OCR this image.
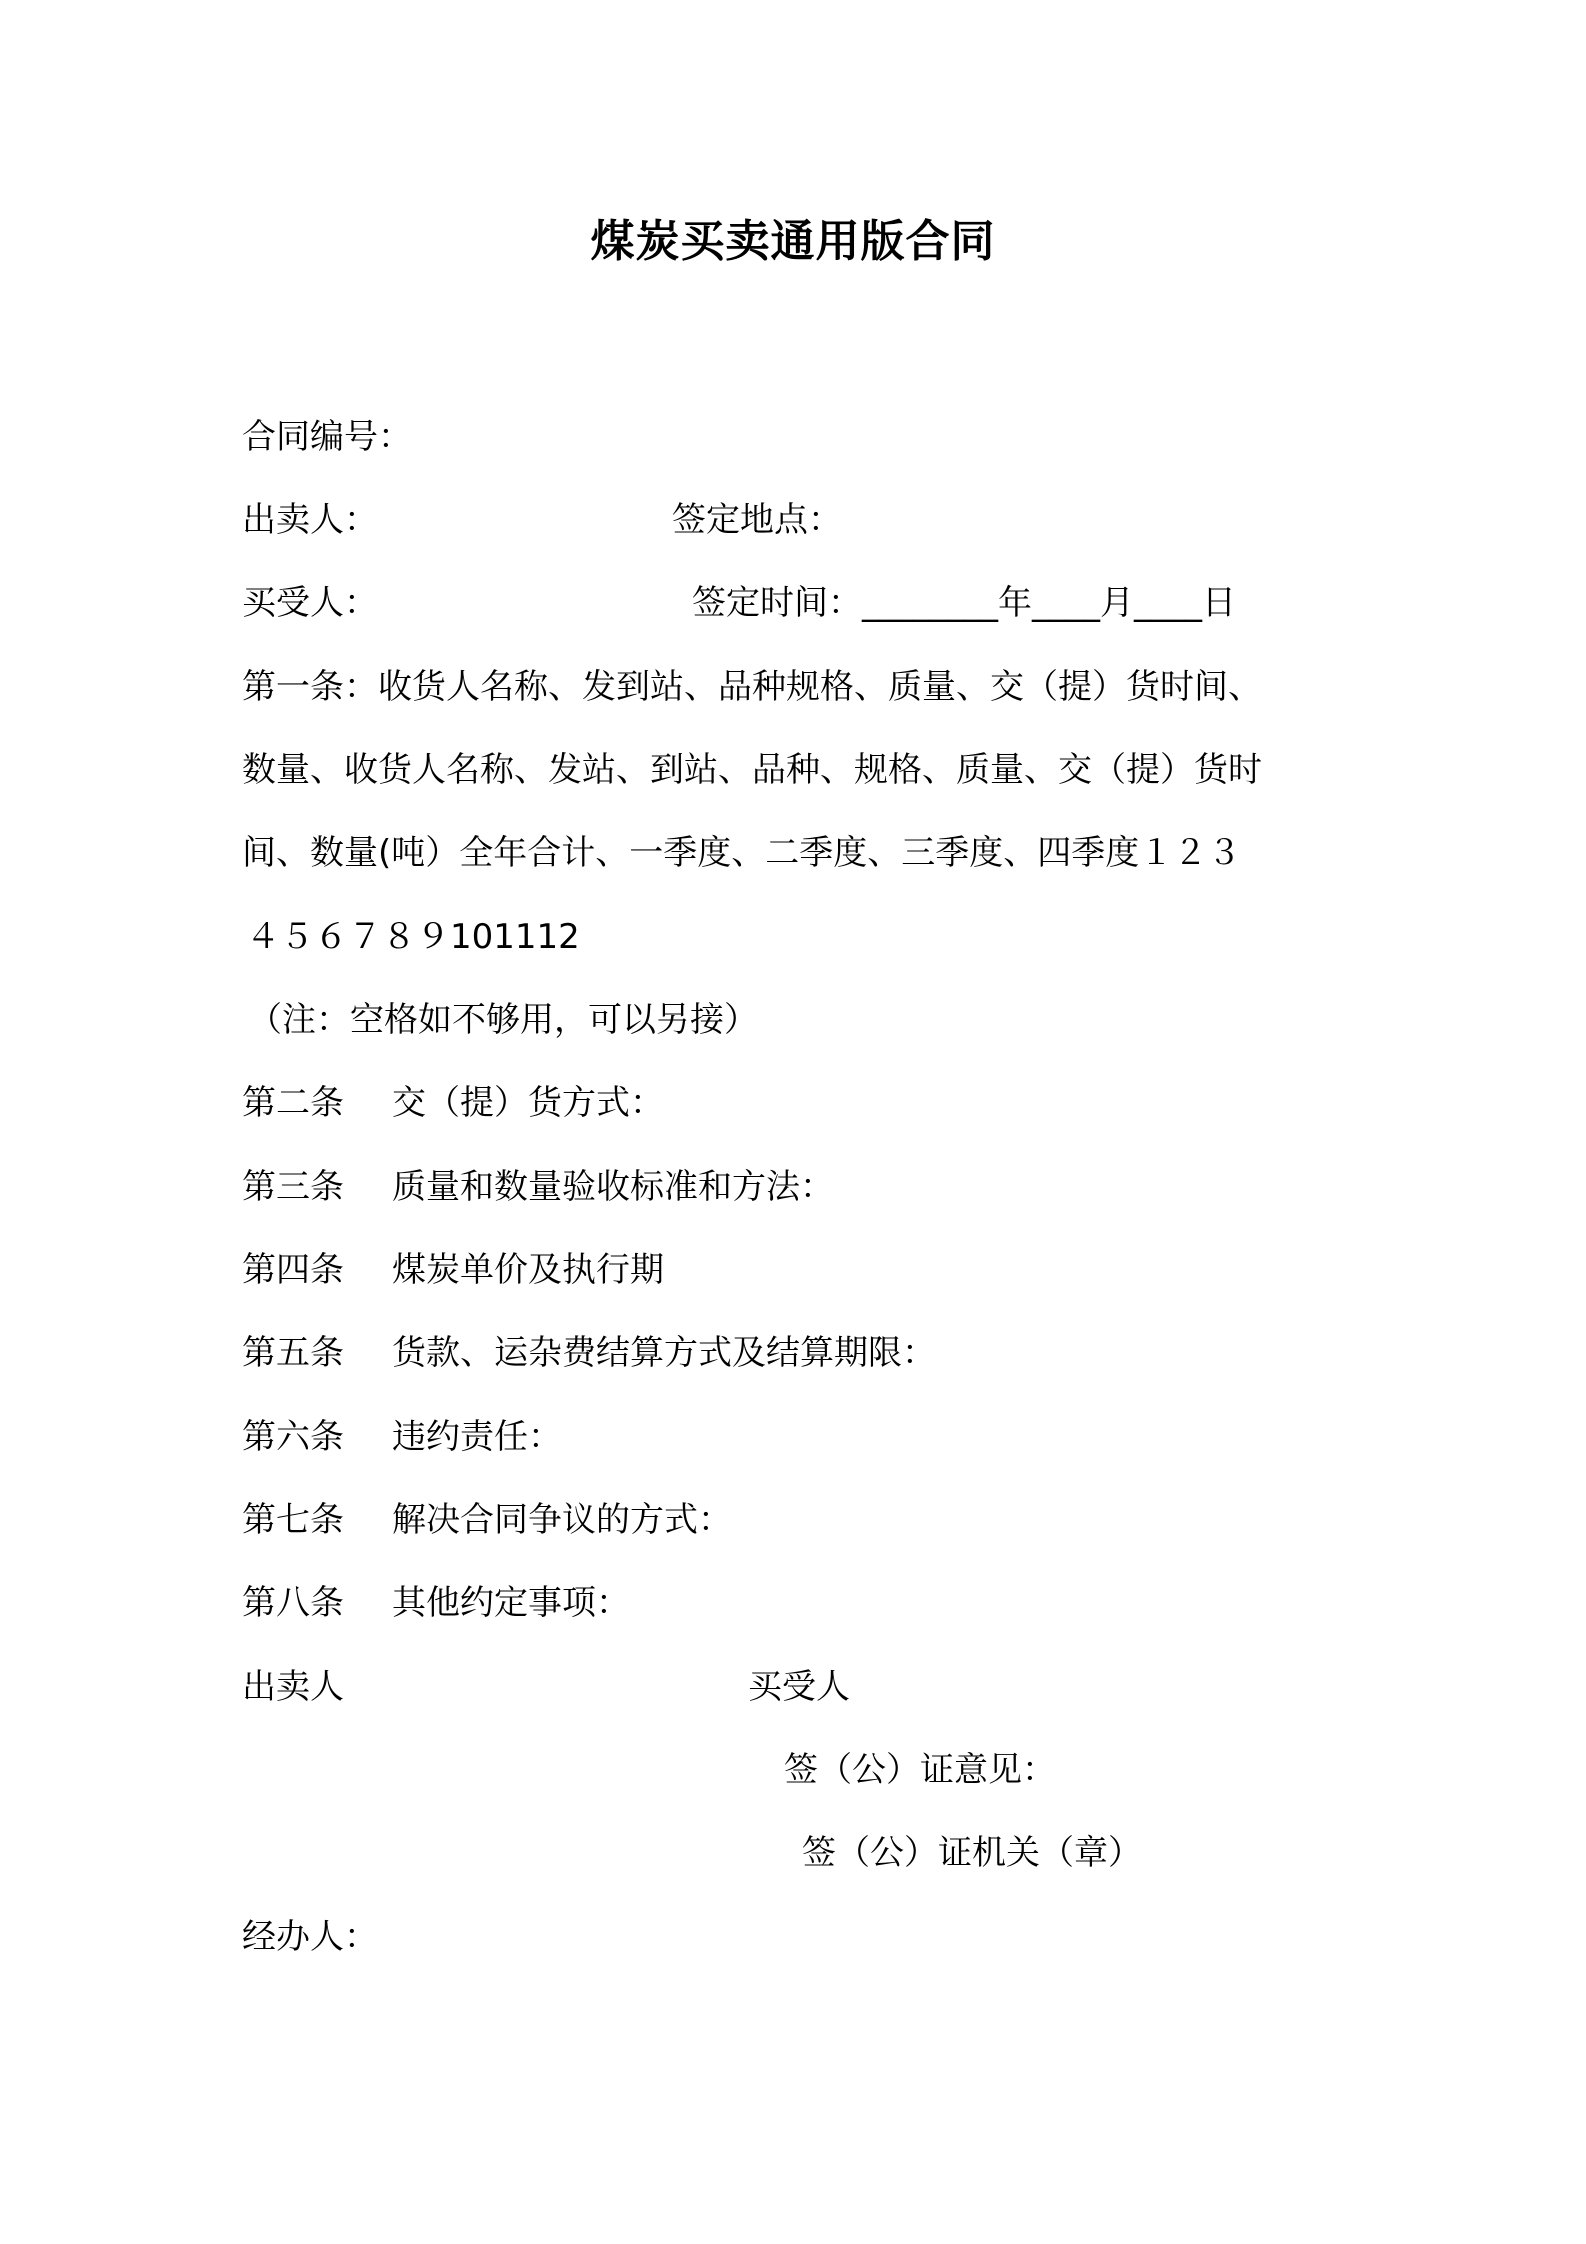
煤炭买卖通用版合同
合同编号：
出卖人：	签定地点：
买受人：	签定时间：________年____月____日
第一条：收货人名称、发到站、品种规格、质量、交（提）货时间、
数量、收货人名称、发站、到站、品种、规格、质量、交（提）货时
间、数量(吨）全年合计、一季度、二季度、三季度、四季度１２３
４５６７８９101112
（注：空格如不够用，可以另接）
第二条 交（提）货方式：
第三条 质量和数量验收标准和方法：
第四条 煤炭单价及执行期
第五条 货款、运杂费结算方式及结算期限：
第六条 违约责任：
第七条 解决合同争议的方式：
第八条 其他约定事项：
出卖人	买受人
签（公）证意见：
签（公）证机关（章）
经办人：
